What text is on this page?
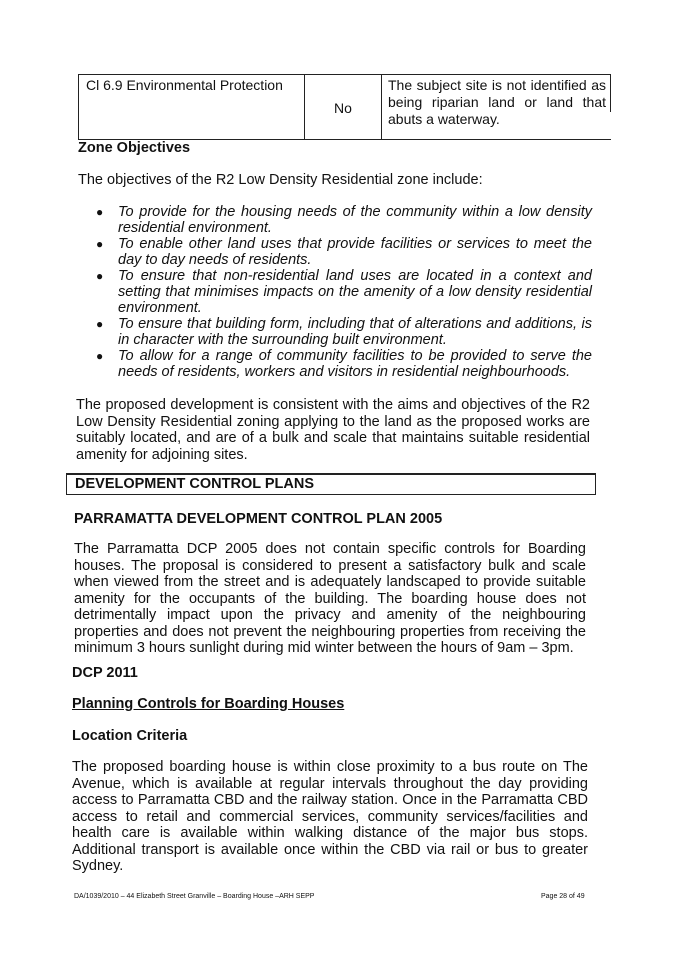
Cl 6.9 Environmental Protection
No
The subject site is not identified as being riparian land or land that abuts a waterway.
Zone Objectives
The objectives of the R2 Low Density Residential zone include:
● To provide for the housing needs of the community within a low density residential environment.
● To enable other land uses that provide facilities or services to meet the day to day needs of residents.
● To ensure that non-residential land uses are located in a context and setting that minimises impacts on the amenity of a low density residential environment.
● To ensure that building form, including that of alterations and additions, is in character with the surrounding built environment.
● To allow for a range of community facilities to be provided to serve the needs of residents, workers and visitors in residential neighbourhoods.
The proposed development is consistent with the aims and objectives of the R2 Low Density Residential zoning applying to the land as the proposed works are suitably located, and are of a bulk and scale that maintains suitable residential amenity for adjoining sites.
DEVELOPMENT CONTROL PLANS
PARRAMATTA DEVELOPMENT CONTROL PLAN 2005
The Parramatta DCP 2005 does not contain specific controls for Boarding houses. The proposal is considered to present a satisfactory bulk and scale when viewed from the street and is adequately landscaped to provide suitable amenity for the occupants of the building. The boarding house does not detrimentally impact upon the privacy and amenity of the neighbouring properties and does not prevent the neighbouring properties from receiving the minimum 3 hours sunlight during mid winter between the hours of 9am – 3pm.
DCP 2011
Planning Controls for Boarding Houses
Location Criteria
The proposed boarding house is within close proximity to a bus route on The Avenue, which is available at regular intervals throughout the day providing access to Parramatta CBD and the railway station. Once in the Parramatta CBD access to retail and commercial services, community services/facilities and health care is available within walking distance of the major bus stops. Additional transport is available once within the CBD via rail or bus to greater Sydney.
DA/1039/2010 – 44 Elizabeth Street Granville – Boarding House –ARH SEPP	Page 28 of 49
